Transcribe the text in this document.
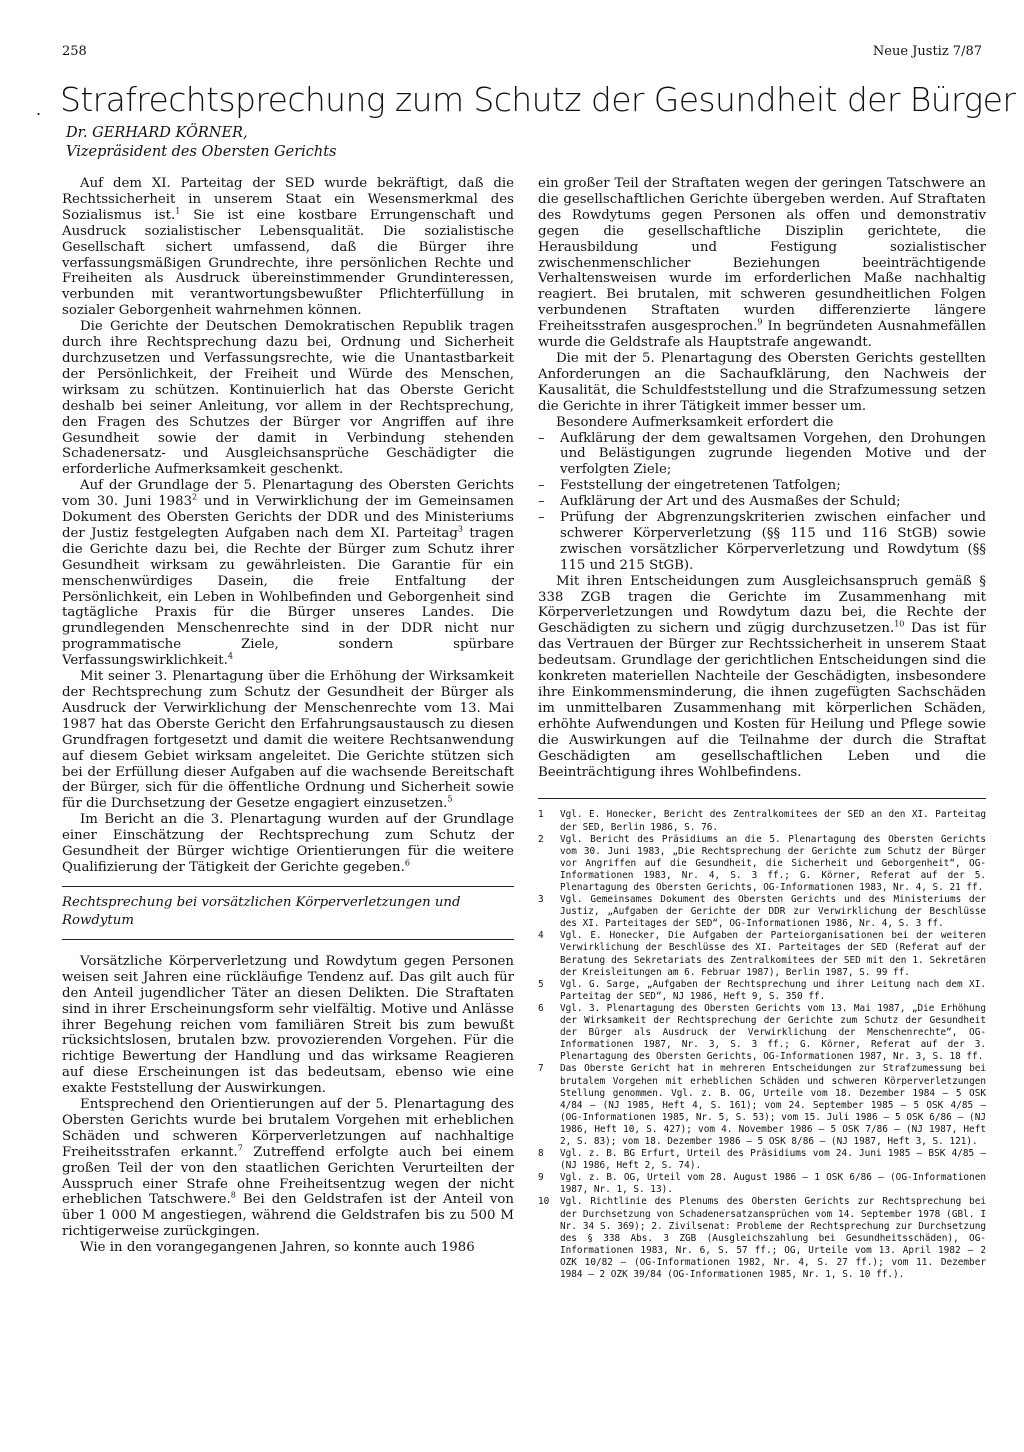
258	Neue Justiz 7/87
. Strafrechtsprechung zum Schutz der Gesundheit der Bürger
Dr. GERHARD KÖRNER,
Vizepräsident des Obersten Gerichts

Auf dem XI. Parteitag der SED wurde bekräftigt, daß die Rechtssicherheit in unserem Staat ein Wesensmerkmal des Sozialismus ist.$^1$ Sie ist eine kostbare Errungenschaft und Ausdruck sozialistischer Lebensqualität. Die sozialistische Gesellschaft sichert umfassend, daß die Bürger ihre verfassungsmäßigen Grundrechte, ihre persönlichen Rechte und Freiheiten als Ausdruck übereinstimmender Grundinteressen, verbunden mit verantwortungsbewußter Pflichterfüllung in sozialer Geborgenheit wahrnehmen können.

Die Gerichte der Deutschen Demokratischen Republik tragen durch ihre Rechtsprechung dazu bei, Ordnung und Sicherheit durchzusetzen und Verfassungsrechte, wie die Unantastbarkeit der Persönlichkeit, der Freiheit und Würde des Menschen, wirksam zu schützen. Kontinuierlich hat das Oberste Gericht deshalb bei seiner Anleitung, vor allem in der Rechtsprechung, den Fragen des Schutzes der Bürger vor Angriffen auf ihre Gesundheit sowie der damit in Verbindung stehenden Schadenersatz- und Ausgleichsansprüche Geschädigter die erforderliche Aufmerksamkeit geschenkt.

Auf der Grundlage der 5. Plenartagung des Obersten Gerichts vom 30. Juni 1983$^2$ und in Verwirklichung der im Gemeinsamen Dokument des Obersten Gerichts der DDR und des Ministeriums der Justiz festgelegten Aufgaben nach dem XI. Parteitag$^3$ tragen die Gerichte dazu bei, die Rechte der Bürger zum Schutz ihrer Gesundheit wirksam zu gewährleisten. Die Garantie für ein menschenwürdiges Dasein, die freie Entfaltung der Persönlichkeit, ein Leben in Wohlbefinden und Geborgenheit sind tagtägliche Praxis für die Bürger unseres Landes. Die grundlegenden Menschenrechte sind in der DDR nicht nur programmatische Ziele, sondern spürbare Verfassungswirklichkeit.$^4$

Mit seiner 3. Plenartagung über die Erhöhung der Wirksamkeit der Rechtsprechung zum Schutz der Gesundheit der Bürger als Ausdruck der Verwirklichung der Menschenrechte vom 13. Mai 1987 hat das Oberste Gericht den Erfahrungsaustausch zu diesen Grundfragen fortgesetzt und damit die weitere Rechtsanwendung auf diesem Gebiet wirksam angeleitet. Die Gerichte stützen sich bei der Erfüllung dieser Aufgaben auf die wachsende Bereitschaft der Bürger, sich für die öffentliche Ordnung und Sicherheit sowie für die Durchsetzung der Gesetze engagiert einzusetzen.$^5$

Im Bericht an die 3. Plenartagung wurden auf der Grundlage einer Einschätzung der Rechtsprechung zum Schutz der Gesundheit der Bürger wichtige Orientierungen für die weitere Qualifizierung der Tätigkeit der Gerichte gegeben.$^6$

Rechtsprechung bei vorsätzlichen Körperverletzungen und Rowdytum

Vorsätzliche Körperverletzung und Rowdytum gegen Personen weisen seit Jahren eine rückläufige Tendenz auf. Das gilt auch für den Anteil jugendlicher Täter an diesen Delikten. Die Straftaten sind in ihrer Erscheinungsform sehr vielfältig. Motive und Anlässe ihrer Begehung reichen vom familiären Streit bis zum bewußt rücksichtslosen, brutalen bzw. provozierenden Vorgehen. Für die richtige Bewertung der Handlung und das wirksame Reagieren auf diese Erscheinungen ist das bedeutsam, ebenso wie eine exakte Feststellung der Auswirkungen.

Entsprechend den Orientierungen auf der 5. Plenartagung des Obersten Gerichts wurde bei brutalem Vorgehen mit erheblichen Schäden und schweren Körperverletzungen auf nachhaltige Freiheitsstrafen erkannt.$^7$ Zutreffend erfolgte auch bei einem großen Teil der von den staatlichen Gerichten Verurteilten der Ausspruch einer Strafe ohne Freiheitsentzug wegen der nicht erheblichen Tatschwere.$^8$ Bei den Geldstrafen ist der Anteil von über 1 000 M angestiegen, während die Geldstrafen bis zu 500 M richtigerweise zurückgingen.

Wie in den vorangegangenen Jahren, so konnte auch 1986

ein großer Teil der Straftaten wegen der geringen Tatschwere an die gesellschaftlichen Gerichte übergeben werden. Auf Straftaten des Rowdytums gegen Personen als offen und demonstrativ gegen die gesellschaftliche Disziplin gerichtete, die Herausbildung und Festigung sozialistischer zwischenmenschlicher Beziehungen beeinträchtigende Verhaltensweisen wurde im erforderlichen Maße nachhaltig reagiert. Bei brutalen, mit schweren gesundheitlichen Folgen verbundenen Straftaten wurden differenzierte längere Freiheitsstrafen ausgesprochen.$^9$ In begründeten Ausnahmefällen wurde die Geldstrafe als Hauptstrafe angewandt.

Die mit der 5. Plenartagung des Obersten Gerichts gestellten Anforderungen an die Sachaufklärung, den Nachweis der Kausalität, die Schuldfeststellung und die Strafzumessung setzen die Gerichte in ihrer Tätigkeit immer besser um.

Besondere Aufmerksamkeit erfordert die

– Aufklärung der dem gewaltsamen Vorgehen, den Drohungen und Belästigungen zugrunde liegenden Motive und der verfolgten Ziele;
– Feststellung der eingetretenen Tatfolgen;
– Aufklärung der Art und des Ausmaßes der Schuld;
– Prüfung der Abgrenzungskriterien zwischen einfacher und schwerer Körperverletzung (§§ 115 und 116 StGB) sowie zwischen vorsätzlicher Körperverletzung und Rowdytum (§§ 115 und 215 StGB).

Mit ihren Entscheidungen zum Ausgleichsanspruch gemäß § 338 ZGB tragen die Gerichte im Zusammenhang mit Körperverletzungen und Rowdytum dazu bei, die Rechte der Geschädigten zu sichern und zügig durchzusetzen.$^{10}$ Das ist für das Vertrauen der Bürger zur Rechtssicherheit in unserem Staat bedeutsam. Grundlage der gerichtlichen Entscheidungen sind die konkreten materiellen Nachteile der Geschädigten, insbesondere ihre Einkommensminderung, die ihnen zugefügten Sachschäden im unmittelbaren Zusammenhang mit körperlichen Schäden, erhöhte Aufwendungen und Kosten für Heilung und Pflege sowie die Auswirkungen auf die Teilnahme der durch die Straftat Geschädigten am gesellschaftlichen Leben und die Beeinträchtigung ihres Wohlbefindens.

1 Vgl. E. Honecker, Bericht des Zentralkomitees der SED an den XI. Parteitag der SED, Berlin 1986, S. 76.
2 Vgl. Bericht des Präsidiums an die 5. Plenartagung des Obersten Gerichts vom 30. Juni 1983, „Die Rechtsprechung der Gerichte zum Schutz der Bürger vor Angriffen auf die Gesundheit, die Sicherheit und Geborgenheit“, OG-Informationen 1983, Nr. 4, S. 3 ff.; G. Körner, Referat auf der 5. Plenartagung des Obersten Gerichts, OG-Informationen 1983, Nr. 4, S. 21 ff.
3 Vgl. Gemeinsames Dokument des Obersten Gerichts und des Ministeriums der Justiz, „Aufgaben der Gerichte der DDR zur Verwirklichung der Beschlüsse des XI. Parteitages der SED“, OG-Informationen 1986, Nr. 4, S. 3 ff.
4 Vgl. E. Honecker, Die Aufgaben der Parteiorganisationen bei der weiteren Verwirklichung der Beschlüsse des XI. Parteitages der SED (Referat auf der Beratung des Sekretariats des Zentralkomitees der SED mit den 1. Sekretären der Kreisleitungen am 6. Februar 1987), Berlin 1987, S. 99 ff.
5 Vgl. G. Sarge, „Aufgaben der Rechtsprechung und ihrer Leitung nach dem XI. Parteitag der SED“, NJ 1986, Heft 9, S. 350 ff.
6 Vgl. 3. Plenartagung des Obersten Gerichts vom 13. Mai 1987, „Die Erhöhung der Wirksamkeit der Rechtsprechung der Gerichte zum Schutz der Gesundheit der Bürger als Ausdruck der Verwirklichung der Menschenrechte“, OG-Informationen 1987, Nr. 3, S. 3 ff.; G. Körner, Referat auf der 3. Plenartagung des Obersten Gerichts, OG-Informationen 1987, Nr. 3, S. 18 ff.
7 Das Oberste Gericht hat in mehreren Entscheidungen zur Strafzumessung bei brutalem Vorgehen mit erheblichen Schäden und schweren Körperverletzungen Stellung genommen. Vgl. z. B. OG, Urteile vom 18. Dezember 1984 – 5 OSK 4/84 – (NJ 1985, Heft 4, S. 161); vom 24. September 1985 – 5 OSK 4/85 – (OG-Informationen 1985, Nr. 5, S. 53); vom 15. Juli 1986 – 5 OSK 6/86 – (NJ 1986, Heft 10, S. 427); vom 4. November 1986 – 5 OSK 7/86 – (NJ 1987, Heft 2, S. 83); vom 18. Dezember 1986 – 5 OSK 8/86 – (NJ 1987, Heft 3, S. 121).
8 Vgl. z. B. BG Erfurt, Urteil des Präsidiums vom 24. Juni 1985 – BSK 4/85 – (NJ 1986, Heft 2, S. 74).
9 Vgl. z. B. OG, Urteil vom 28. August 1986 – 1 OSK 6/86 – (OG-Informationen 1987, Nr. 1, S. 13).
10 Vgl. Richtlinie des Plenums des Obersten Gerichts zur Rechtsprechung bei der Durchsetzung von Schadenersatzansprüchen vom 14. September 1978 (GBl. I Nr. 34 S. 369); 2. Zivilsenat: Probleme der Rechtsprechung zur Durchsetzung des § 338 Abs. 3 ZGB (Ausgleichszahlung bei Gesundheitsschäden), OG-Informationen 1983, Nr. 6, S. 57 ff.; OG, Urteile vom 13. April 1982 – 2 OZK 10/82 – (OG-Informationen 1982, Nr. 4, S. 27 ff.); vom 11. Dezember 1984 – 2 OZK 39/84 (OG-Informationen 1985, Nr. 1, S. 10 ff.).
